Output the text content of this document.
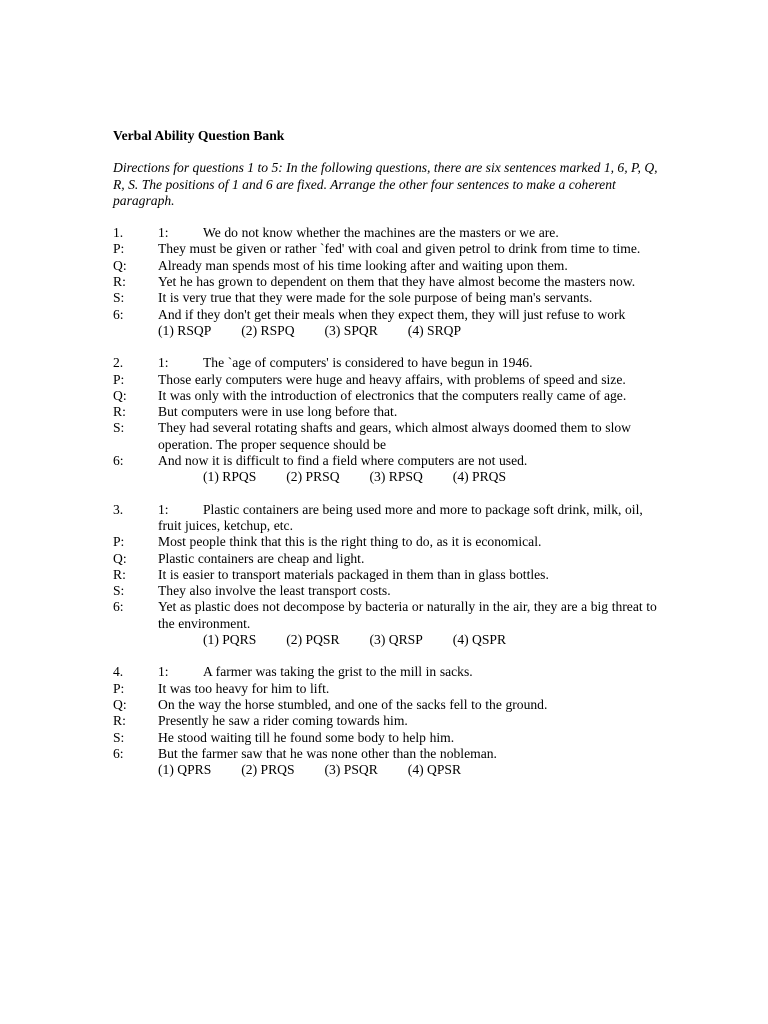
Verbal Ability Question Bank
Directions for questions 1 to 5: In the following questions, there are six sentences marked 1, 6, P, Q, R, S. The positions of 1 and 6 are fixed. Arrange the other four sentences to make a coherent paragraph.
1.	1:	We do not know whether the machines are the masters or we are.
P: They must be given or rather `fed' with coal and given petrol to drink from time to time.
Q: Already man spends most of his time looking after and waiting upon them.
R: Yet he has grown to dependent on them that they have almost become the masters now.
S: It is very true that they were made for the sole purpose of being man's servants.
6:	And if they don't get their meals when they expect them, they will just refuse to work
(1) RSQP (2) RSPQ (3) SPQR (4) SRQP
2.	1:	The `age of computers' is considered to have begun in 1946.
P: Those early computers were huge and heavy affairs, with problems of speed and size.
Q: It was only with the introduction of electronics that the computers really came of age.
R: But computers were in use long before that.
S: They had several rotating shafts and gears, which almost always doomed them to slow operation. The proper sequence should be
6:	And now it is difficult to find a field where computers are not used.
(1) RPQS (2) PRSQ (3) RPSQ (4) PRQS
3.	1:	Plastic containers are being used more and more to package soft drink, milk, oil, fruit juices, ketchup, etc.
P: Most people think that this is the right thing to do, as it is economical.
Q: Plastic containers are cheap and light.
R: It is easier to transport materials packaged in them than in glass bottles.
S: They also involve the least transport costs.
6:	Yet as plastic does not decompose by bacteria or naturally in the air, they are a big threat to the environment.
(1) PQRS (2) PQSR (3) QRSP (4) QSPR
4.	1:	A farmer was taking the grist to the mill in sacks.
P: It was too heavy for him to lift.
Q: On the way the horse stumbled, and one of the sacks fell to the ground.
R: Presently he saw a rider coming towards him.
S: He stood waiting till he found some body to help him.
6:	But the farmer saw that he was none other than the nobleman.
(1) QPRS (2) PRQS (3) PSQR (4) QPSR
